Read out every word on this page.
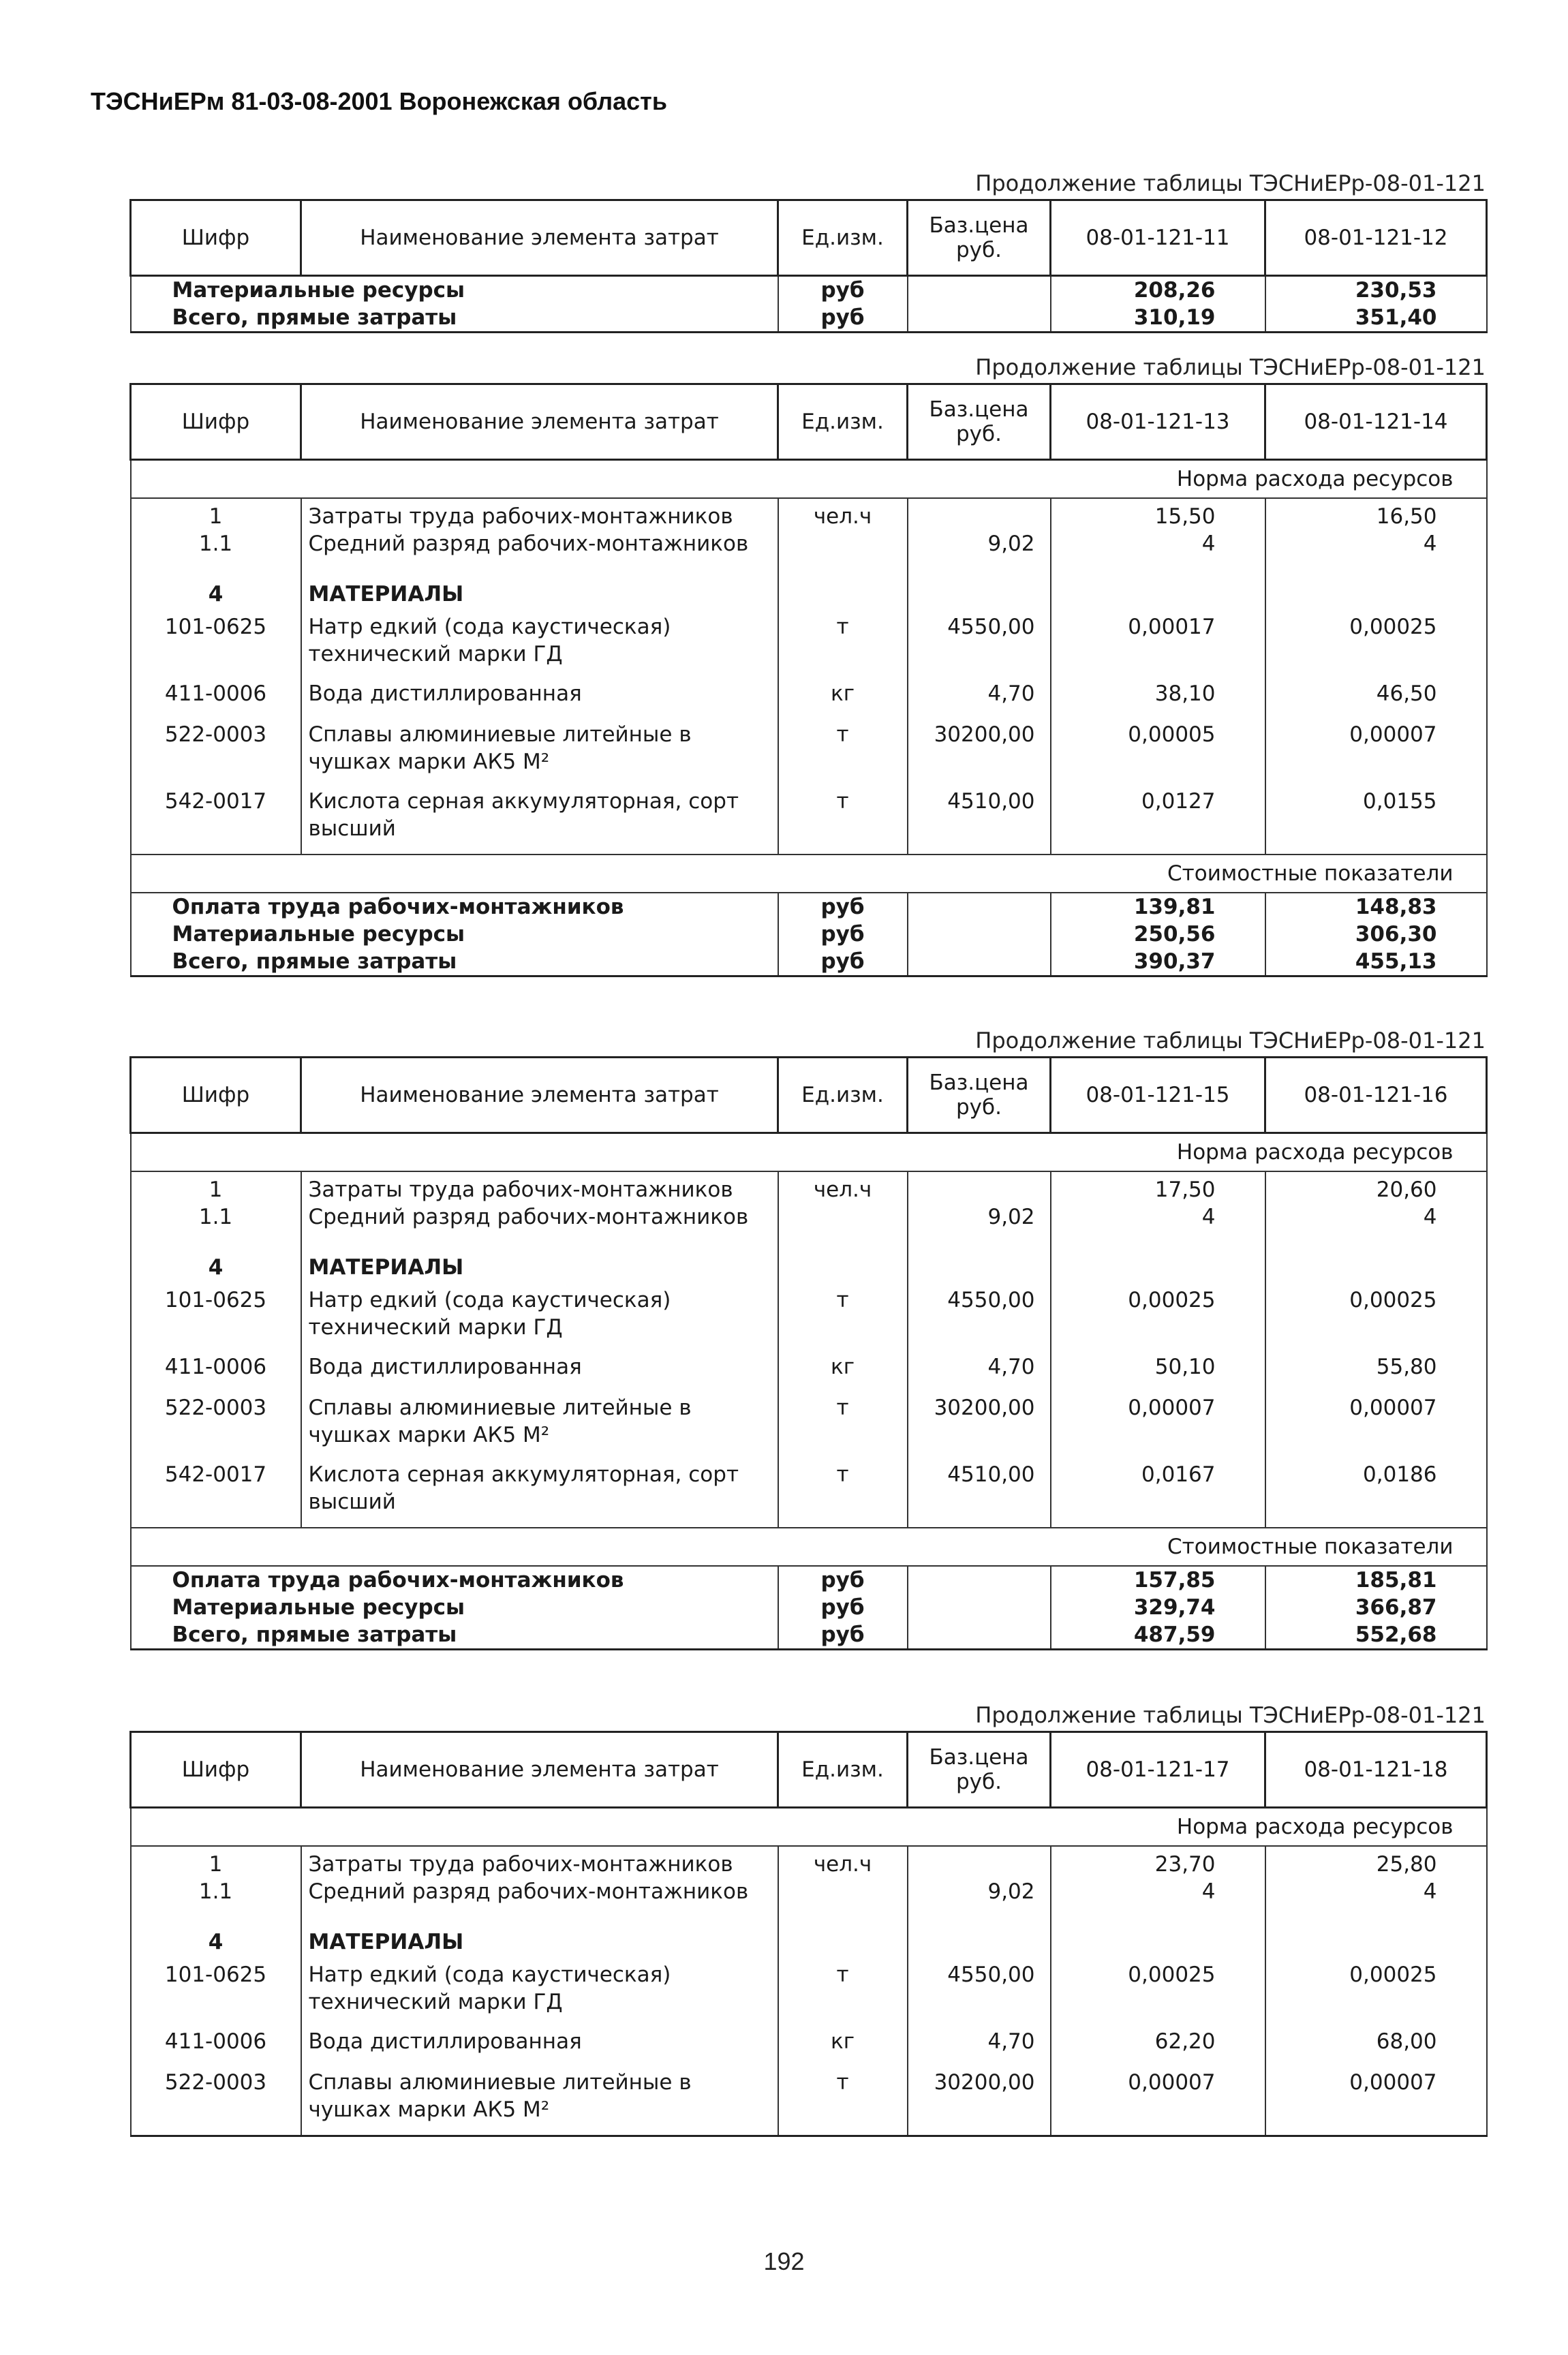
ТЭСНиЕРм 81-03-08-2001 Воронежская область
Продолжение таблицы ТЭСНиЕРр-08-01-121
Шифр	Наименование элемента затрат	Ед.изм.	Баз.цена руб.	08-01-121-11	08-01-121-12
Материальные ресурсы		руб		208,26	230,53
Всего, прямые затраты		руб		310,19	351,40
Продолжение таблицы ТЭСНиЕРр-08-01-121
Шифр	Наименование элемента затрат	Ед.изм.	Баз.цена руб.	08-01-121-13	08-01-121-14
Норма расхода ресурсов					
1	Затраты труда рабочих-монтажников	чел.ч		15,50	16,50
1.1	Средний разряд рабочих-монтажников		9,02	4	4
4	МАТЕРИАЛЫ				
101-0625	Натр едкий (сода каустическая) технический марки ГД	т	4550,00	0,00017	0,00025
411-0006	Вода дистиллированная	кг	4,70	38,10	46,50
522-0003	Сплавы алюминиевые литейные в чушках марки АК5 М²	т	30200,00	0,00005	0,00007
542-0017	Кислота серная аккумуляторная, сорт высший	т	4510,00	0,0127	0,0155
Стоимостные показатели					
Оплата труда рабочих-монтажников		руб		139,81	148,83
Материальные ресурсы		руб		250,56	306,30
Всего, прямые затраты		руб		390,37	455,13
Продолжение таблицы ТЭСНиЕРр-08-01-121
Шифр	Наименование элемента затрат	Ед.изм.	Баз.цена руб.	08-01-121-15	08-01-121-16
Норма расхода ресурсов					
1	Затраты труда рабочих-монтажников	чел.ч		17,50	20,60
1.1	Средний разряд рабочих-монтажников		9,02	4	4
4	МАТЕРИАЛЫ				
101-0625	Натр едкий (сода каустическая) технический марки ГД	т	4550,00	0,00025	0,00025
411-0006	Вода дистиллированная	кг	4,70	50,10	55,80
522-0003	Сплавы алюминиевые литейные в чушках марки АК5 М²	т	30200,00	0,00007	0,00007
542-0017	Кислота серная аккумуляторная, сорт высший	т	4510,00	0,0167	0,0186
Стоимостные показатели					
Оплата труда рабочих-монтажников		руб		157,85	185,81
Материальные ресурсы		руб		329,74	366,87
Всего, прямые затраты		руб		487,59	552,68
Продолжение таблицы ТЭСНиЕРр-08-01-121
Шифр	Наименование элемента затрат	Ед.изм.	Баз.цена руб.	08-01-121-17	08-01-121-18
Норма расхода ресурсов					
1	Затраты труда рабочих-монтажников	чел.ч		23,70	25,80
1.1	Средний разряд рабочих-монтажников		9,02	4	4
4	МАТЕРИАЛЫ				
101-0625	Натр едкий (сода каустическая) технический марки ГД	т	4550,00	0,00025	0,00025
411-0006	Вода дистиллированная	кг	4,70	62,20	68,00
522-0003	Сплавы алюминиевые литейные в чушках марки АК5 М²	т	30200,00	0,00007	0,00007
192
